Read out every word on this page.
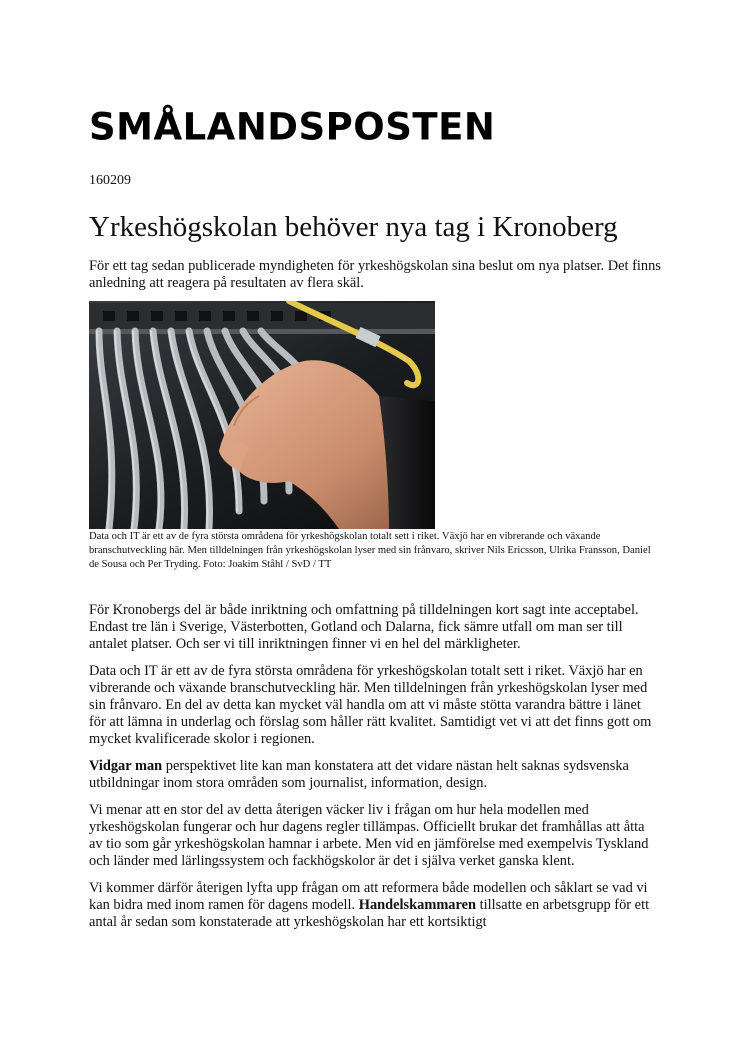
SMÅLANDSPOSTEN
160209
Yrkeshögskolan behöver nya tag i Kronoberg

För ett tag sedan publicerade myndigheten för yrkeshögskolan sina beslut om nya platser. Det finns anledning att reagera på resultaten av flera skäl.

Data och IT är ett av de fyra största områdena för yrkeshögskolan totalt sett i riket. Växjö har en vibrerande och växande branschutveckling här. Men tilldelningen från yrkeshögskolan lyser med sin frånvaro, skriver Nils Ericsson, Ulrika Fransson, Daniel de Sousa och Per Tryding. Foto: Joakim Ståhl / SvD / TT

För Kronobergs del är både inriktning och omfattning på tilldelningen kort sagt inte acceptabel. Endast tre län i Sverige, Västerbotten, Gotland och Dalarna, fick sämre utfall om man ser till antalet platser. Och ser vi till inriktningen finner vi en hel del märkligheter.

Data och IT är ett av de fyra största områdena för yrkeshögskolan totalt sett i riket. Växjö har en vibrerande och växande branschutveckling här. Men tilldelningen från yrkeshögskolan lyser med sin frånvaro. En del av detta kan mycket väl handla om att vi måste stötta varandra bättre i länet för att lämna in underlag och förslag som håller rätt kvalitet. Samtidigt vet vi att det finns gott om mycket kvalificerade skolor i regionen.

Vidgar man perspektivet lite kan man konstatera att det vidare nästan helt saknas sydsvenska utbildningar inom stora områden som journalist, information, design.

Vi menar att en stor del av detta återigen väcker liv i frågan om hur hela modellen med yrkeshögskolan fungerar och hur dagens regler tillämpas. Officiellt brukar det framhållas att åtta av tio som går yrkeshögskolan hamnar i arbete. Men vid en jämförelse med exempelvis Tyskland och länder med lärlingssystem och fackhögskolor är det i själva verket ganska klent.

Vi kommer därför återigen lyfta upp frågan om att reformera både modellen och såklart se vad vi kan bidra med inom ramen för dagens modell. Handelskammaren tillsatte en arbetsgrupp för ett antal år sedan som konstaterade att yrkeshögskolan har ett kortsiktigt
